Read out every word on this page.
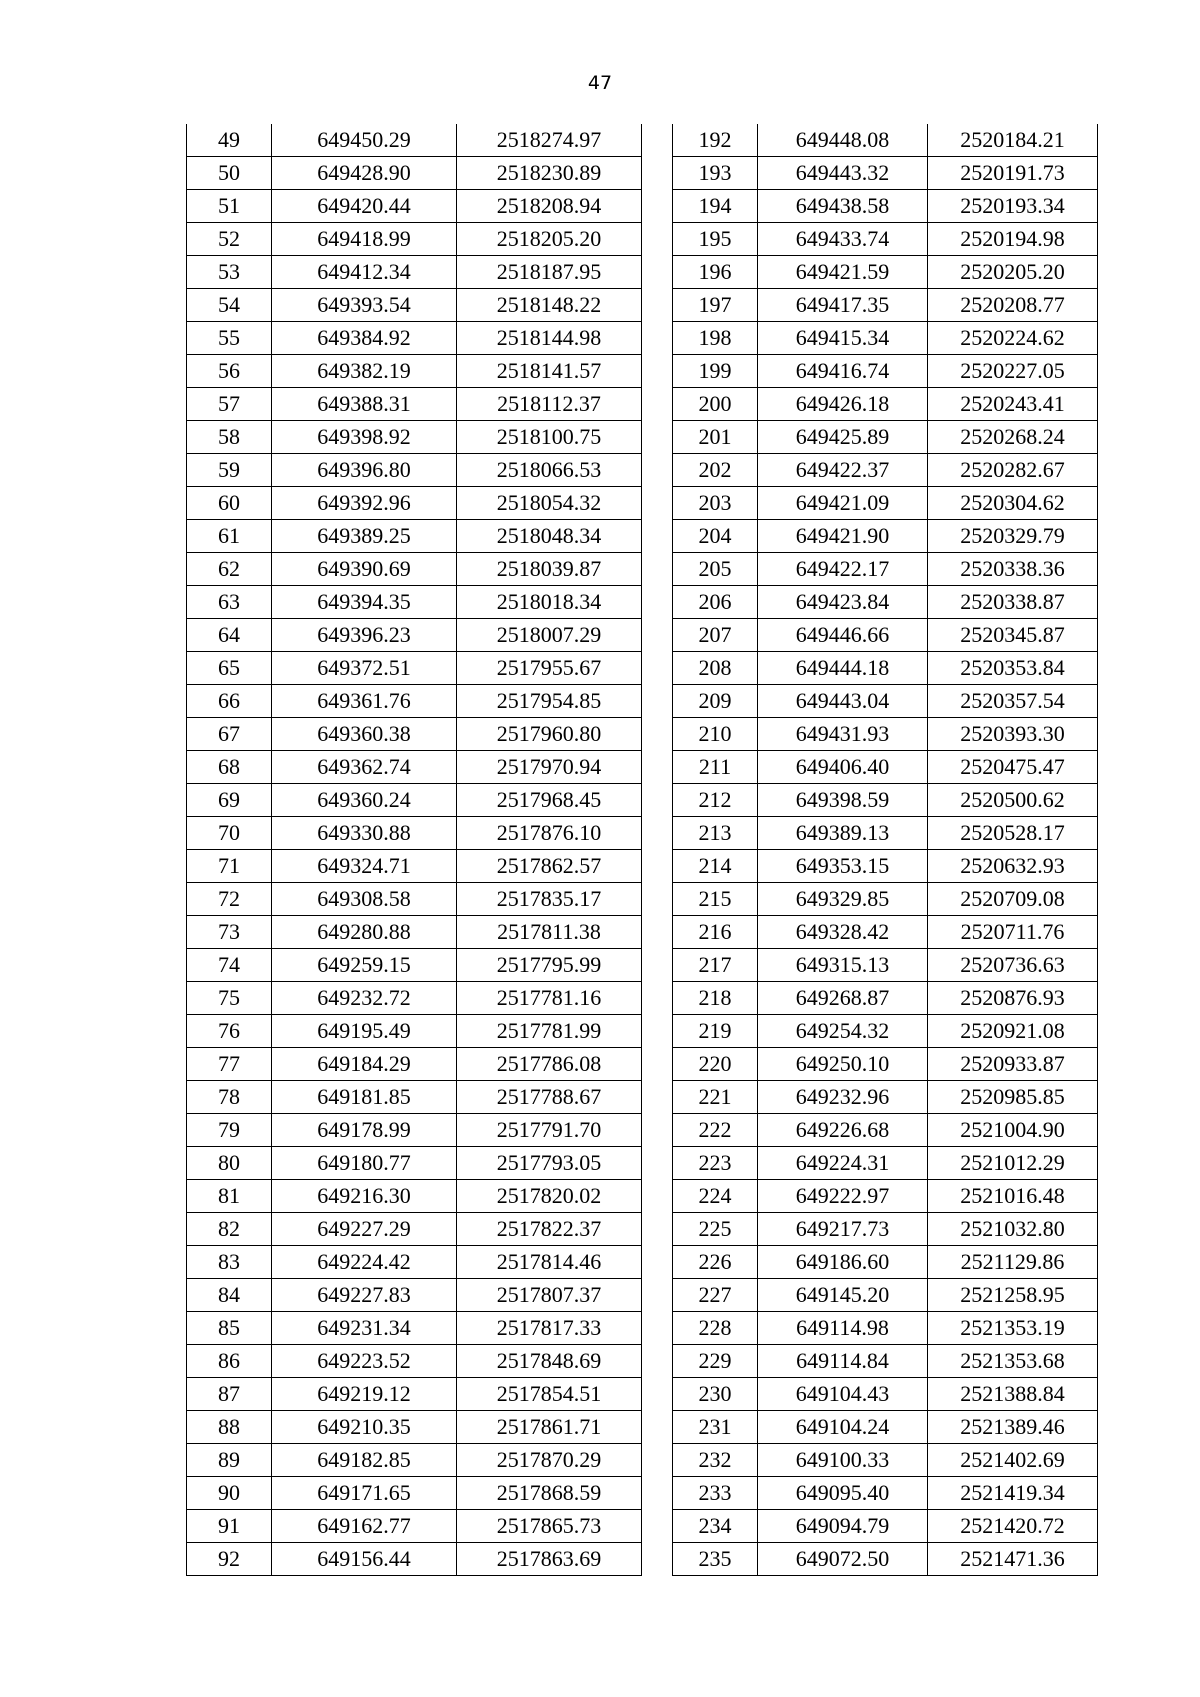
47
49	649450.29	2518274.97
50	649428.90	2518230.89
51	649420.44	2518208.94
52	649418.99	2518205.20
53	649412.34	2518187.95
54	649393.54	2518148.22
55	649384.92	2518144.98
56	649382.19	2518141.57
57	649388.31	2518112.37
58	649398.92	2518100.75
59	649396.80	2518066.53
60	649392.96	2518054.32
61	649389.25	2518048.34
62	649390.69	2518039.87
63	649394.35	2518018.34
64	649396.23	2518007.29
65	649372.51	2517955.67
66	649361.76	2517954.85
67	649360.38	2517960.80
68	649362.74	2517970.94
69	649360.24	2517968.45
70	649330.88	2517876.10
71	649324.71	2517862.57
72	649308.58	2517835.17
73	649280.88	2517811.38
74	649259.15	2517795.99
75	649232.72	2517781.16
76	649195.49	2517781.99
77	649184.29	2517786.08
78	649181.85	2517788.67
79	649178.99	2517791.70
80	649180.77	2517793.05
81	649216.30	2517820.02
82	649227.29	2517822.37
83	649224.42	2517814.46
84	649227.83	2517807.37
85	649231.34	2517817.33
86	649223.52	2517848.69
87	649219.12	2517854.51
88	649210.35	2517861.71
89	649182.85	2517870.29
90	649171.65	2517868.59
91	649162.77	2517865.73
92	649156.44	2517863.69
192	649448.08	2520184.21
193	649443.32	2520191.73
194	649438.58	2520193.34
195	649433.74	2520194.98
196	649421.59	2520205.20
197	649417.35	2520208.77
198	649415.34	2520224.62
199	649416.74	2520227.05
200	649426.18	2520243.41
201	649425.89	2520268.24
202	649422.37	2520282.67
203	649421.09	2520304.62
204	649421.90	2520329.79
205	649422.17	2520338.36
206	649423.84	2520338.87
207	649446.66	2520345.87
208	649444.18	2520353.84
209	649443.04	2520357.54
210	649431.93	2520393.30
211	649406.40	2520475.47
212	649398.59	2520500.62
213	649389.13	2520528.17
214	649353.15	2520632.93
215	649329.85	2520709.08
216	649328.42	2520711.76
217	649315.13	2520736.63
218	649268.87	2520876.93
219	649254.32	2520921.08
220	649250.10	2520933.87
221	649232.96	2520985.85
222	649226.68	2521004.90
223	649224.31	2521012.29
224	649222.97	2521016.48
225	649217.73	2521032.80
226	649186.60	2521129.86
227	649145.20	2521258.95
228	649114.98	2521353.19
229	649114.84	2521353.68
230	649104.43	2521388.84
231	649104.24	2521389.46
232	649100.33	2521402.69
233	649095.40	2521419.34
234	649094.79	2521420.72
235	649072.50	2521471.36
